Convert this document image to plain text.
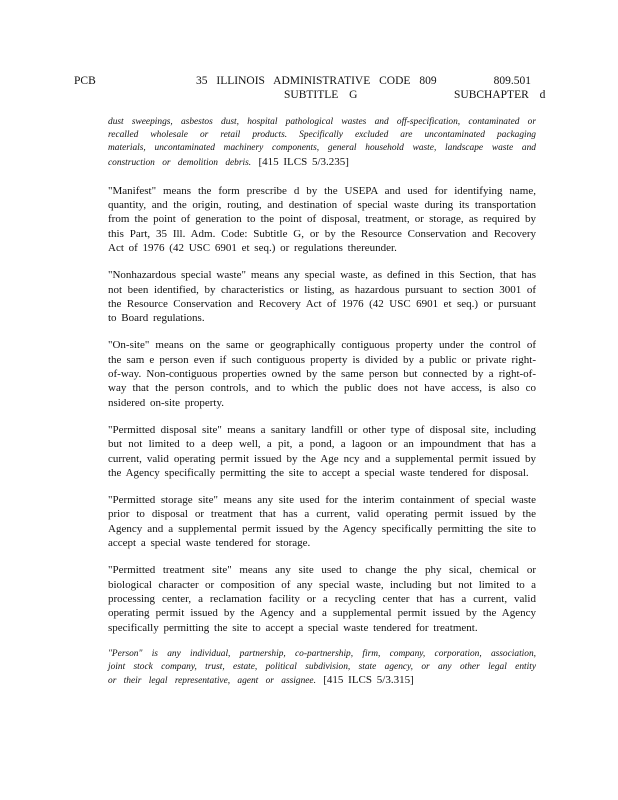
PCB	35 ILLINOIS ADMINISTRATIVE CODE 809	809.501
SUBTITLE G	SUBCHAPTER d

dust sweepings, asbestos dust, hospital pathological wastes and off-specification, contaminated or recalled wholesale or retail products. Specifically excluded are uncontaminated packaging materials, uncontaminated machinery components, general household waste, landscape waste and construction or demolition debris. [415 ILCS 5/3.235]

"Manifest" means the form prescribe d by the USEPA and used for identifying name, quantity, and the origin, routing, and destination of special waste during its transportation from the point of generation to the point of disposal, treatment, or storage, as required by this Part, 35 Ill. Adm. Code: Subtitle G, or by the Resource Conservation and Recovery Act of 1976 (42 USC 6901 et seq.) or regulations thereunder.

"Nonhazardous special waste" means any special waste, as defined in this Section, that has not been identified, by characteristics or listing, as hazardous pursuant to section 3001 of the Resource Conservation and Recovery Act of 1976 (42 USC 6901 et seq.) or pursuant to Board regulations.

"On-site" means on the same or geographically contiguous property under the control of the sam e person even if such contiguous property is divided by a public or private right-of-way. Non-contiguous properties owned by the same person but connected by a right-of-way that the person controls, and to which the public does not have access, is also co nsidered on-site property.

"Permitted disposal site" means a sanitary landfill or other type of disposal site, including but not limited to a deep well, a pit, a pond, a lagoon or an impoundment that has a current, valid operating permit issued by the Age ncy and a supplemental permit issued by the Agency specifically permitting the site to accept a special waste tendered for disposal.

"Permitted storage site" means any site used for the interim containment of special waste prior to disposal or treatment that has a current, valid operating permit issued by the Agency and a supplemental permit issued by the Agency specifically permitting the site to accept a special waste tendered for storage.

"Permitted treatment site" means any site used to change the phy sical, chemical or biological character or composition of any special waste, including but not limited to a processing center, a reclamation facility or a recycling center that has a current, valid operating permit issued by the Agency and a supplemental permit issued by the Agency specifically permitting the site to accept a special waste tendered for treatment.

"Person" is any individual, partnership, co-partnership, firm, company, corporation, association, joint stock company, trust, estate, political subdivision, state agency, or any other legal entity or their legal representative, agent or assignee. [415 ILCS 5/3.315]
